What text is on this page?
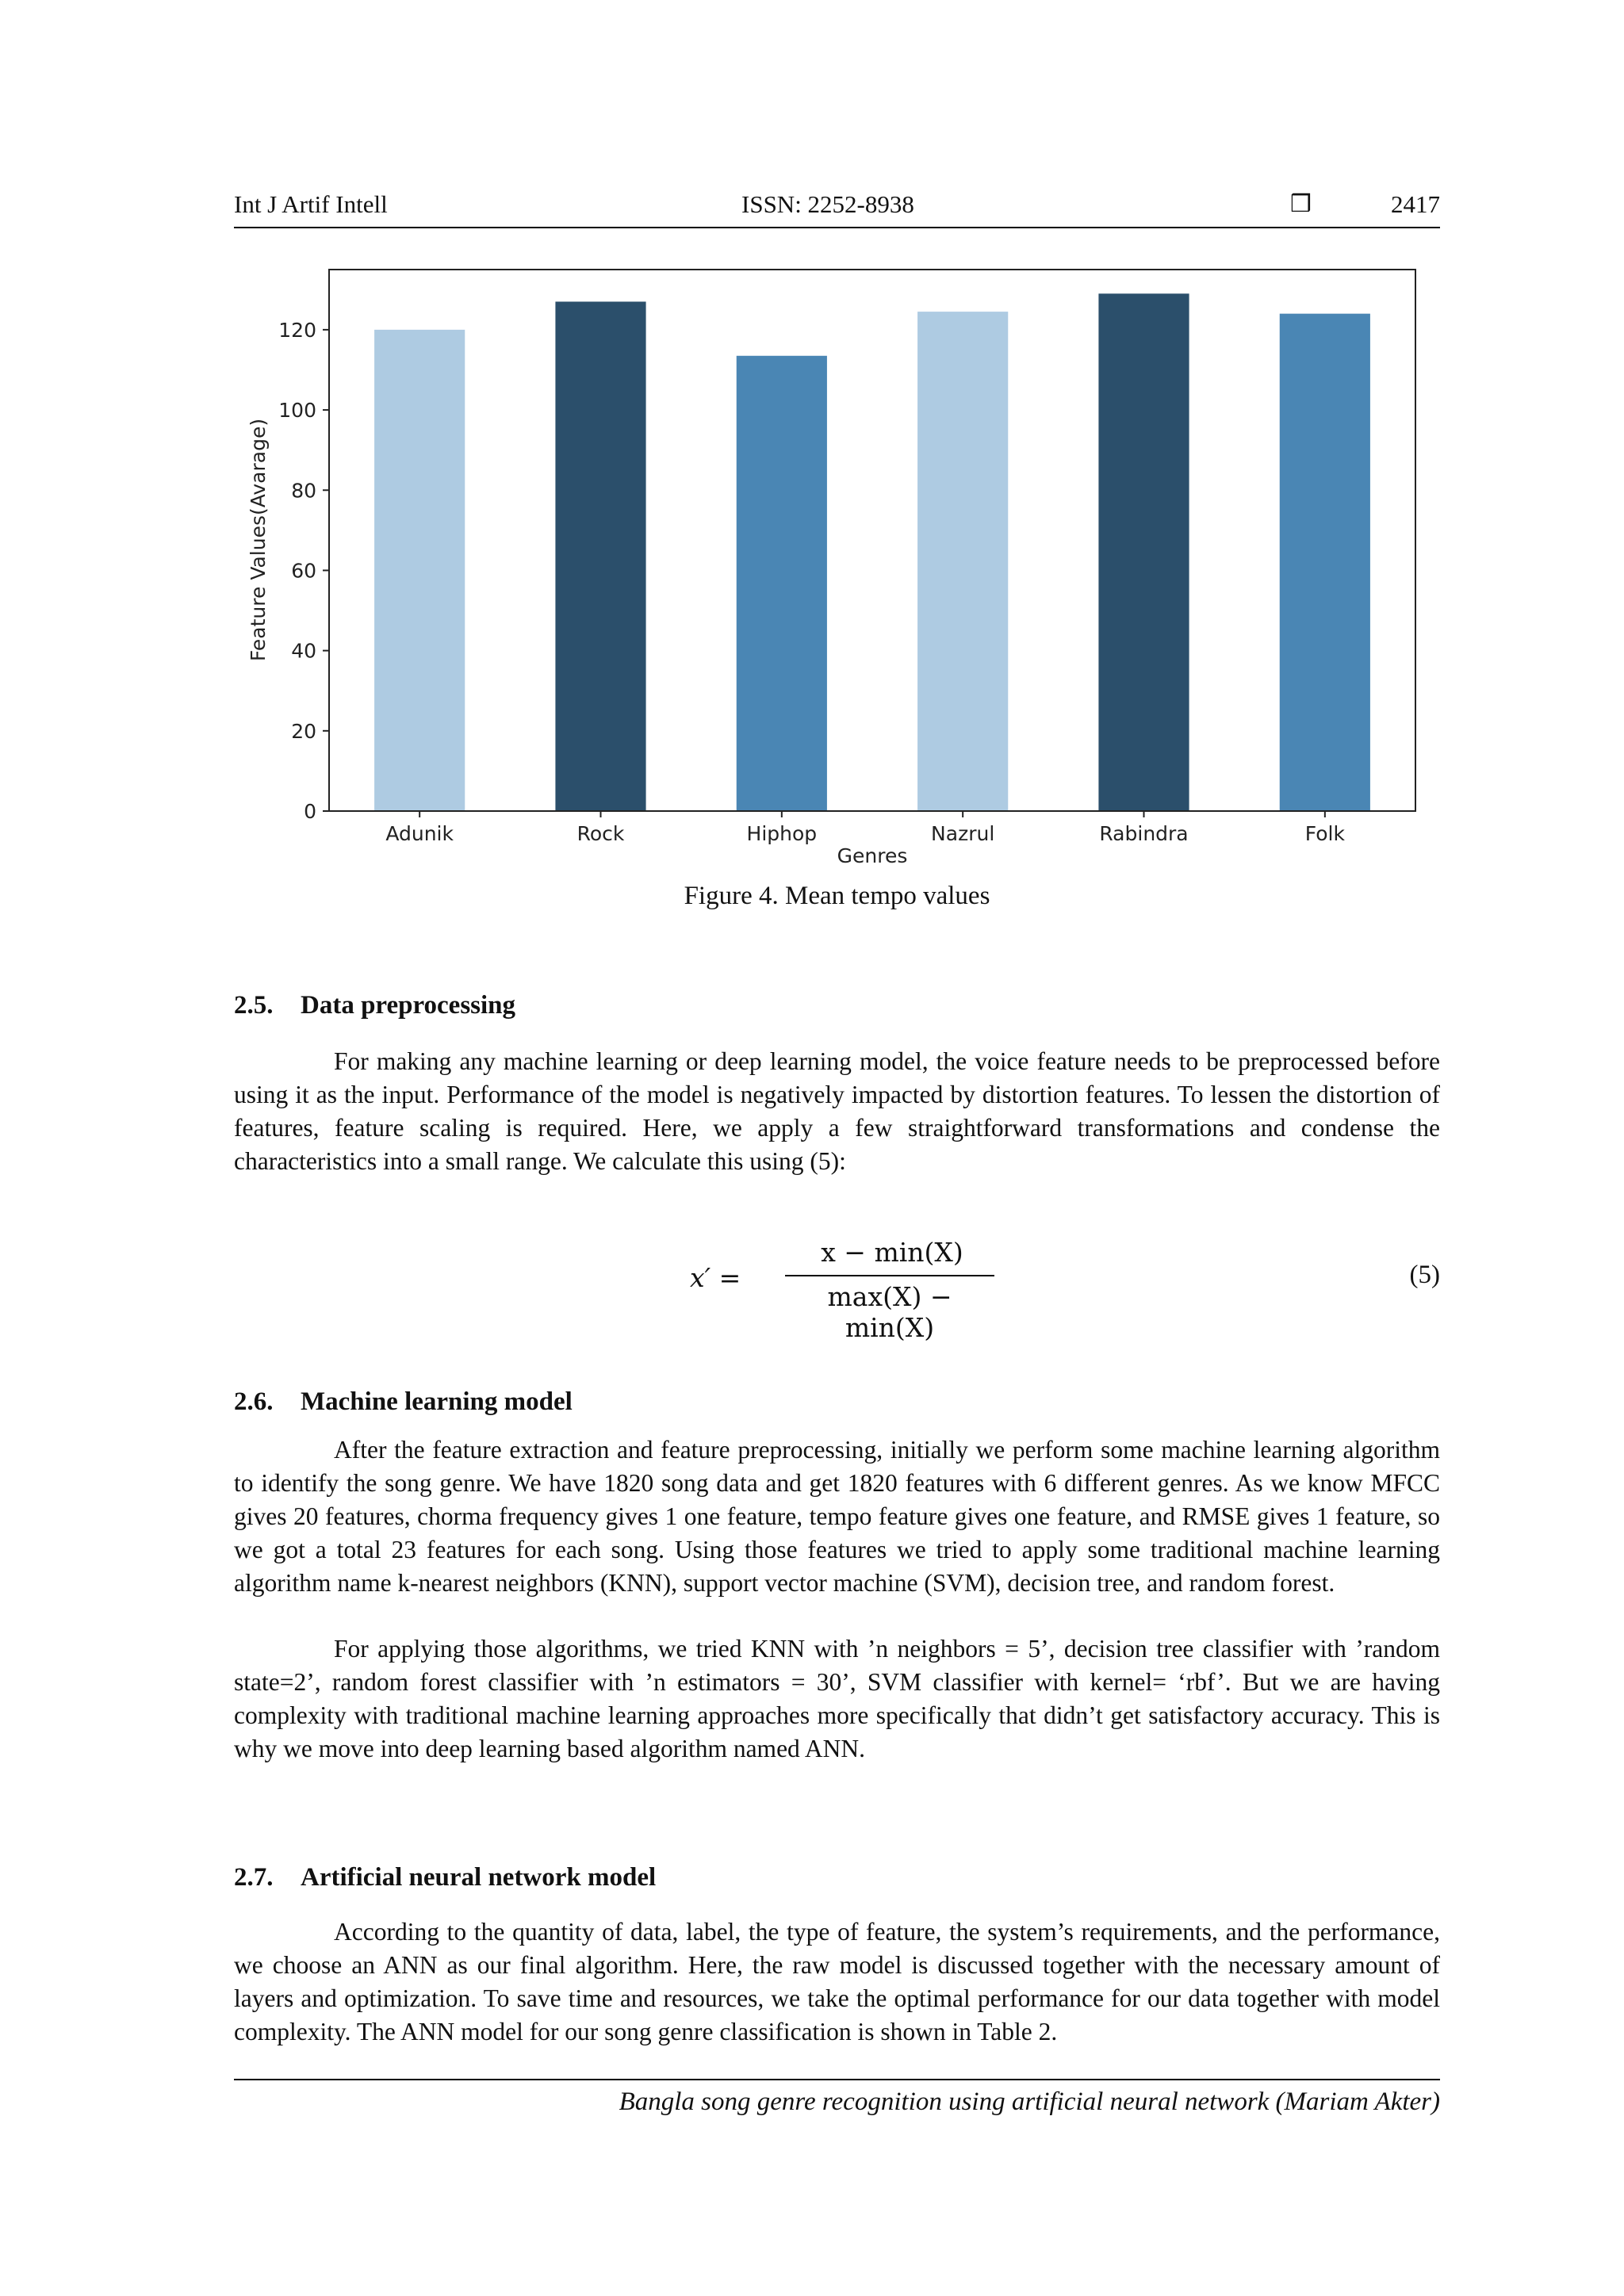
Int J Artif Intell	ISSN: 2252-8938	❒	2417
0
20
40
60
80
100
120
Adunik	Rock	Hiphop	Nazrul	Rabindra	Folk
Genres
Feature Values(Avarage)
Figure 4. Mean tempo values
2.5. Data preprocessing

For making any machine learning or deep learning model, the voice feature needs to be preprocessed before using it as the input. Performance of the model is negatively impacted by distortion features. To lessen the distortion of features, feature scaling is required. Here, we apply a few straightforward transformations and condense the characteristics into a small range. We calculate this using (5):

x′ =
x − min(X)
max(X) − min(X)
(5)
2.6. Machine learning model

After the feature extraction and feature preprocessing, initially we perform some machine learning algorithm to identify the song genre. We have 1820 song data and get 1820 features with 6 different genres. As we know MFCC gives 20 features, chorma frequency gives 1 one feature, tempo feature gives one feature, and RMSE gives 1 feature, so we got a total 23 features for each song. Using those features we tried to apply some traditional machine learning algorithm name k-nearest neighbors (KNN), support vector machine (SVM), decision tree, and random forest.

For applying those algorithms, we tried KNN with ’n neighbors = 5’, decision tree classifier with ’random state=2’, random forest classifier with ’n estimators = 30’, SVM classifier with kernel= ‘rbf’. But we are having complexity with traditional machine learning approaches more specifically that didn’t get satisfactory accuracy. This is why we move into deep learning based algorithm named ANN.

2.7. Artificial neural network model

According to the quantity of data, label, the type of feature, the system’s requirements, and the performance, we choose an ANN as our final algorithm. Here, the raw model is discussed together with the necessary amount of layers and optimization. To save time and resources, we take the optimal performance for our data together with model complexity. The ANN model for our song genre classification is shown in Table 2.

Bangla song genre recognition using artificial neural network (Mariam Akter)
